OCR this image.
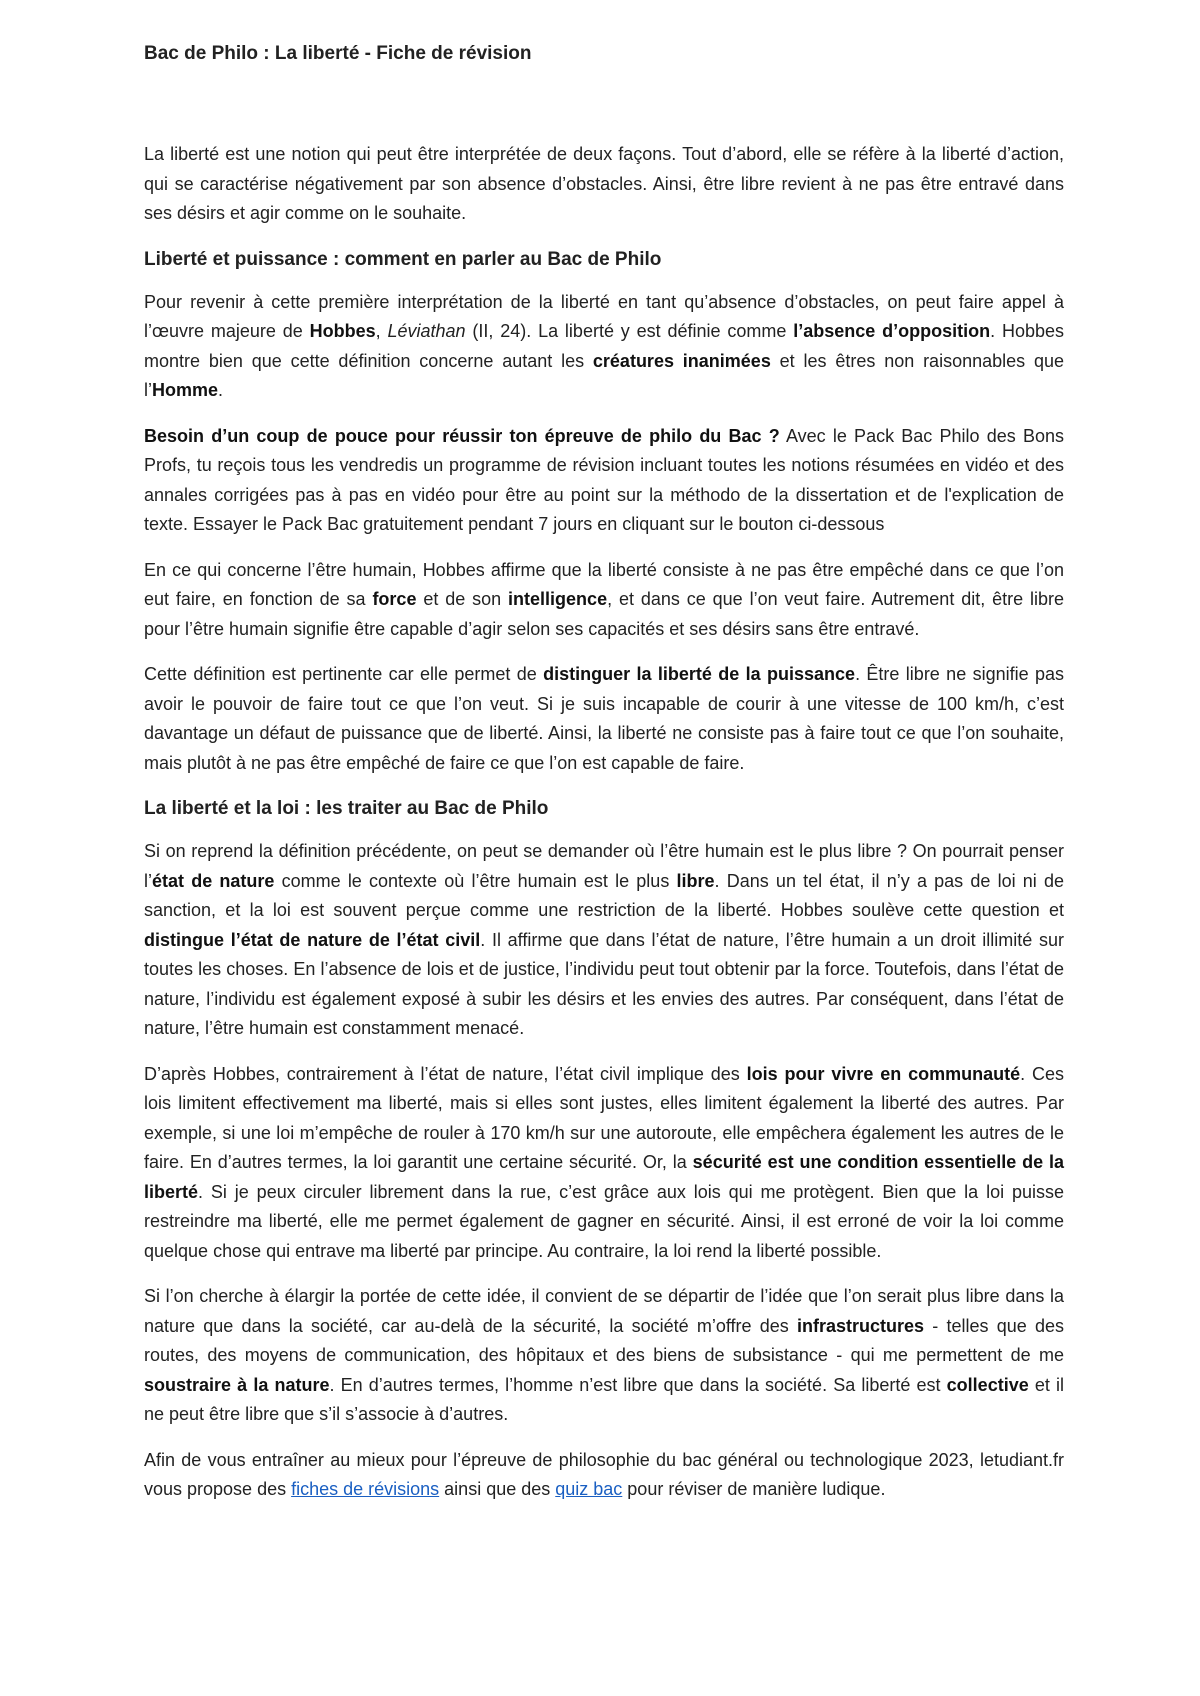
Bac de Philo : La liberté - Fiche de révision

La liberté est une notion qui peut être interprétée de deux façons. Tout d’abord, elle se réfère à la liberté d’action, qui se caractérise négativement par son absence d’obstacles. Ainsi, être libre revient à ne pas être entravé dans ses désirs et agir comme on le souhaite.

Liberté et puissance : comment en parler au Bac de Philo

Pour revenir à cette première interprétation de la liberté en tant qu’absence d’obstacles, on peut faire appel à l’œuvre majeure de Hobbes, Léviathan (II, 24). La liberté y est définie comme l’absence d’opposition. Hobbes montre bien que cette définition concerne autant les créatures inanimées et les êtres non raisonnables que l’Homme.

Besoin d’un coup de pouce pour réussir ton épreuve de philo du Bac ? Avec le Pack Bac Philo des Bons Profs, tu reçois tous les vendredis un programme de révision incluant toutes les notions résumées en vidéo et des annales corrigées pas à pas en vidéo pour être au point sur la méthodo de la dissertation et de l'explication de texte. Essayer le Pack Bac gratuitement pendant 7 jours en cliquant sur le bouton ci-dessous

En ce qui concerne l’être humain, Hobbes affirme que la liberté consiste à ne pas être empêché dans ce que l’on eut faire, en fonction de sa force et de son intelligence, et dans ce que l’on veut faire. Autrement dit, être libre pour l’être humain signifie être capable d’agir selon ses capacités et ses désirs sans être entravé.

Cette définition est pertinente car elle permet de distinguer la liberté de la puissance. Être libre ne signifie pas avoir le pouvoir de faire tout ce que l’on veut. Si je suis incapable de courir à une vitesse de 100 km/h, c’est davantage un défaut de puissance que de liberté. Ainsi, la liberté ne consiste pas à faire tout ce que l’on souhaite, mais plutôt à ne pas être empêché de faire ce que l’on est capable de faire.

La liberté et la loi : les traiter au Bac de Philo

Si on reprend la définition précédente, on peut se demander où l’être humain est le plus libre ? On pourrait penser l’état de nature comme le contexte où l’être humain est le plus libre. Dans un tel état, il n’y a pas de loi ni de sanction, et la loi est souvent perçue comme une restriction de la liberté. Hobbes soulève cette question et distingue l’état de nature de l’état civil. Il affirme que dans l’état de nature, l’être humain a un droit illimité sur toutes les choses. En l’absence de lois et de justice, l’individu peut tout obtenir par la force. Toutefois, dans l’état de nature, l’individu est également exposé à subir les désirs et les envies des autres. Par conséquent, dans l’état de nature, l’être humain est constamment menacé.

D’après Hobbes, contrairement à l’état de nature, l’état civil implique des lois pour vivre en communauté. Ces lois limitent effectivement ma liberté, mais si elles sont justes, elles limitent également la liberté des autres. Par exemple, si une loi m’empêche de rouler à 170 km/h sur une autoroute, elle empêchera également les autres de le faire. En d’autres termes, la loi garantit une certaine sécurité. Or, la sécurité est une condition essentielle de la liberté. Si je peux circuler librement dans la rue, c’est grâce aux lois qui me protègent. Bien que la loi puisse restreindre ma liberté, elle me permet également de gagner en sécurité. Ainsi, il est erroné de voir la loi comme quelque chose qui entrave ma liberté par principe. Au contraire, la loi rend la liberté possible.

Si l’on cherche à élargir la portée de cette idée, il convient de se départir de l’idée que l’on serait plus libre dans la nature que dans la société, car au-delà de la sécurité, la société m’offre des infrastructures - telles que des routes, des moyens de communication, des hôpitaux et des biens de subsistance - qui me permettent de me soustraire à la nature. En d’autres termes, l’homme n’est libre que dans la société. Sa liberté est collective et il ne peut être libre que s’il s’associe à d’autres.

Afin de vous entraîner au mieux pour l’épreuve de philosophie du bac général ou technologique 2023, letudiant.fr vous propose des fiches de révisions ainsi que des quiz bac pour réviser de manière ludique.
